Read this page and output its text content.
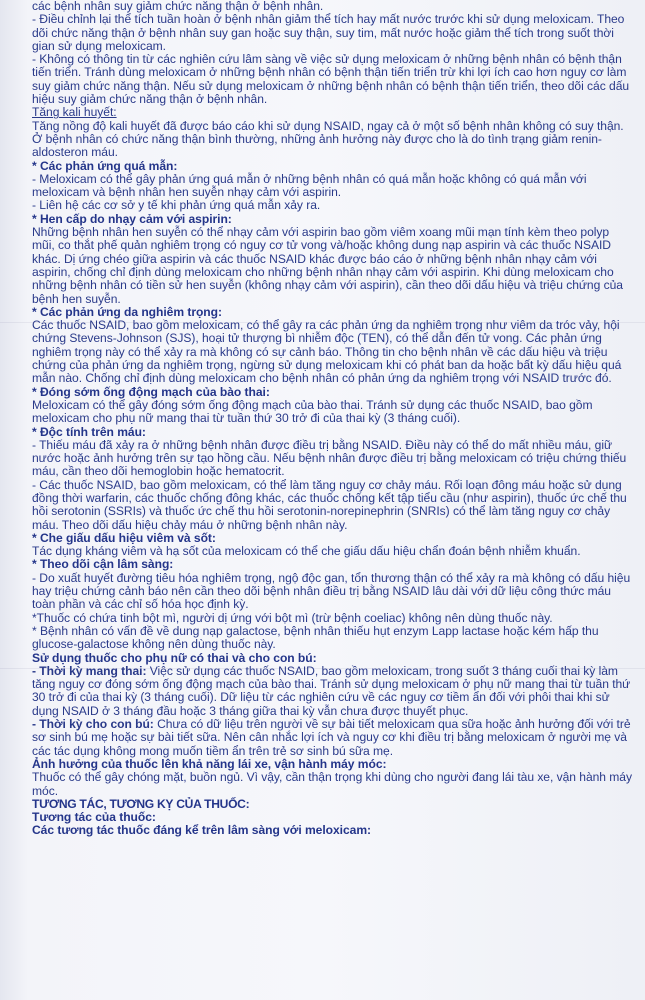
các bệnh nhân suy giảm chức năng thận ở bệnh nhân.
- Điều chỉnh lại thể tích tuần hoàn ở bệnh nhân giảm thể tích hay mất nước trước khi sử dụng meloxicam. Theo dõi chức năng thận ở bệnh nhân suy gan hoặc suy thận, suy tim, mất nước hoặc giảm thể tích trong suốt thời gian sử dụng meloxicam.
- Không có thông tin từ các nghiên cứu lâm sàng về việc sử dụng meloxicam ở những bệnh nhân có bệnh thận tiến triển. Tránh dùng meloxicam ở những bệnh nhân có bệnh thận tiến triển trừ khi lợi ích cao hơn nguy cơ làm suy giảm chức năng thận. Nếu sử dụng meloxicam ở những bệnh nhân có bệnh thận tiến triển, theo dõi các dấu hiệu suy giảm chức năng thận ở bệnh nhân.
Tăng kali huyết:
Tăng nồng độ kali huyết đã được báo cáo khi sử dụng NSAID, ngay cả ở một số bệnh nhân không có suy thận. Ở bệnh nhân có chức năng thận bình thường, những ảnh hưởng này được cho là do tình trạng giảm renin-aldosteron máu.
* Các phản ứng quá mẫn:
- Meloxicam có thể gây phản ứng quá mẫn ở những bệnh nhân có quá mẫn hoặc không có quá mẫn với meloxicam và bệnh nhân hen suyễn nhạy cảm với aspirin.
- Liên hệ các cơ sở y tế khi phản ứng quá mẫn xảy ra.
* Hen cấp do nhạy cảm với aspirin:
Những bệnh nhân hen suyễn có thể nhạy cảm với aspirin bao gồm viêm xoang mũi mạn tính kèm theo polyp mũi, co thắt phế quản nghiêm trọng có nguy cơ tử vong và/hoặc không dung nạp aspirin và các thuốc NSAID khác. Dị ứng chéo giữa aspirin và các thuốc NSAID khác được báo cáo ở những bệnh nhân nhạy cảm với aspirin, chống chỉ định dùng meloxicam cho những bệnh nhân nhạy cảm với aspirin. Khi dùng meloxicam cho những bệnh nhân có tiền sử hen suyễn (không nhạy cảm với aspirin), cần theo dõi dấu hiệu và triệu chứng của bệnh hen suyễn.
* Các phản ứng da nghiêm trọng:
Các thuốc NSAID, bao gồm meloxicam, có thể gây ra các phản ứng da nghiêm trọng như viêm da tróc vảy, hội chứng Stevens-Johnson (SJS), hoại tử thượng bì nhiễm độc (TEN), có thể dẫn đến tử vong. Các phản ứng nghiêm trọng này có thể xảy ra mà không có sự cảnh báo. Thông tin cho bệnh nhân về các dấu hiệu và triệu chứng của phản ứng da nghiêm trọng, ngừng sử dụng meloxicam khi có phát ban da hoặc bất kỳ dấu hiệu quá mẫn nào. Chống chỉ định dùng meloxicam cho bệnh nhân có phản ứng da nghiêm trọng với NSAID trước đó.
* Đóng sớm ống động mạch của bào thai:
Meloxicam có thể gây đóng sớm ống động mạch của bào thai. Tránh sử dụng các thuốc NSAID, bao gồm meloxicam cho phụ nữ mang thai từ tuần thứ 30 trở đi của thai kỳ (3 tháng cuối).
* Độc tính trên máu:
- Thiếu máu đã xảy ra ở những bệnh nhân được điều trị bằng NSAID. Điều này có thể do mất nhiều máu, giữ nước hoặc ảnh hưởng trên sự tạo hồng cầu. Nếu bệnh nhân được điều trị bằng meloxicam có triệu chứng thiếu máu, cần theo dõi hemoglobin hoặc hematocrit.
- Các thuốc NSAID, bao gồm meloxicam, có thể làm tăng nguy cơ chảy máu. Rối loạn đông máu hoặc sử dụng đồng thời warfarin, các thuốc chống đông khác, các thuốc chống kết tập tiểu cầu (như aspirin), thuốc ức chế thu hồi serotonin (SSRIs) và thuốc ức chế thu hồi serotonin-norepinephrin (SNRIs) có thể làm tăng nguy cơ chảy máu. Theo dõi dấu hiệu chảy máu ở những bệnh nhân này.
* Che giấu dấu hiệu viêm và sốt:
Tác dụng kháng viêm và hạ sốt của meloxicam có thể che giấu dấu hiệu chẩn đoán bệnh nhiễm khuẩn.
* Theo dõi cận lâm sàng:
- Do xuất huyết đường tiêu hóa nghiêm trọng, ngộ độc gan, tổn thương thận có thể xảy ra mà không có dấu hiệu hay triệu chứng cảnh báo nên cần theo dõi bệnh nhân điều trị bằng NSAID lâu dài với dữ liệu công thức máu toàn phần và các chỉ số hóa học định kỳ.
*Thuốc có chứa tinh bột mì, người dị ứng với bột mì (trừ bệnh coeliac) không nên dùng thuốc này.
* Bệnh nhân có vấn đề về dung nạp galactose, bệnh nhân thiếu hụt enzym Lapp lactase hoặc kém hấp thu glucose-galactose không nên dùng thuốc này.
Sử dụng thuốc cho phụ nữ có thai và cho con bú:
- Thời kỳ mang thai: Việc sử dụng các thuốc NSAID, bao gồm meloxicam, trong suốt 3 tháng cuối thai kỳ làm tăng nguy cơ đóng sớm ống động mạch của bào thai. Tránh sử dụng meloxicam ở phụ nữ mang thai từ tuần thứ 30 trở đi của thai kỳ (3 tháng cuối). Dữ liệu từ các nghiên cứu về các nguy cơ tiềm ẩn đối với phôi thai khi sử dụng NSAID ở 3 tháng đầu hoặc 3 tháng giữa thai kỳ vẫn chưa được thuyết phục.
- Thời kỳ cho con bú: Chưa có dữ liệu trên người về sự bài tiết meloxicam qua sữa hoặc ảnh hưởng đối với trẻ sơ sinh bú mẹ hoặc sự bài tiết sữa. Nên cân nhắc lợi ích và nguy cơ khi điều trị bằng meloxicam ở người mẹ và các tác dụng không mong muốn tiềm ẩn trên trẻ sơ sinh bú sữa mẹ.
Ảnh hưởng của thuốc lên khả năng lái xe, vận hành máy móc:
Thuốc có thể gây chóng mặt, buồn ngủ. Vì vậy, cần thận trọng khi dùng cho người đang lái tàu xe, vận hành máy móc.
TƯƠNG TÁC, TƯƠNG KỴ CỦA THUỐC:
Tương tác của thuốc:
Các tương tác thuốc đáng kể trên lâm sàng với meloxicam:
